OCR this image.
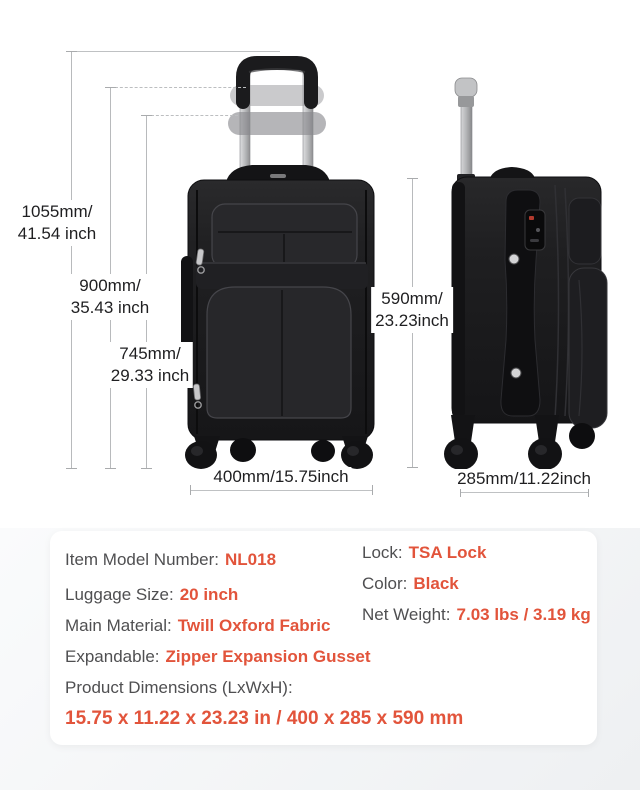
1055mm/
41.54 inch
900mm/
35.43 inch
745mm/
29.33 inch
590mm/
23.23inch
400mm/15.75inch	285mm/11.22inch
Item Model Number: NL018
Luggage Size: 20 inch
Main Material: Twill Oxford Fabric
Expandable: Zipper Expansion Gusset
Product Dimensions (LxWxH):
15.75 x 11.22 x 23.23 in / 400 x 285 x 590 mm
Lock: TSA Lock
Color: Black
Net Weight: 7.03 lbs / 3.19 kg
